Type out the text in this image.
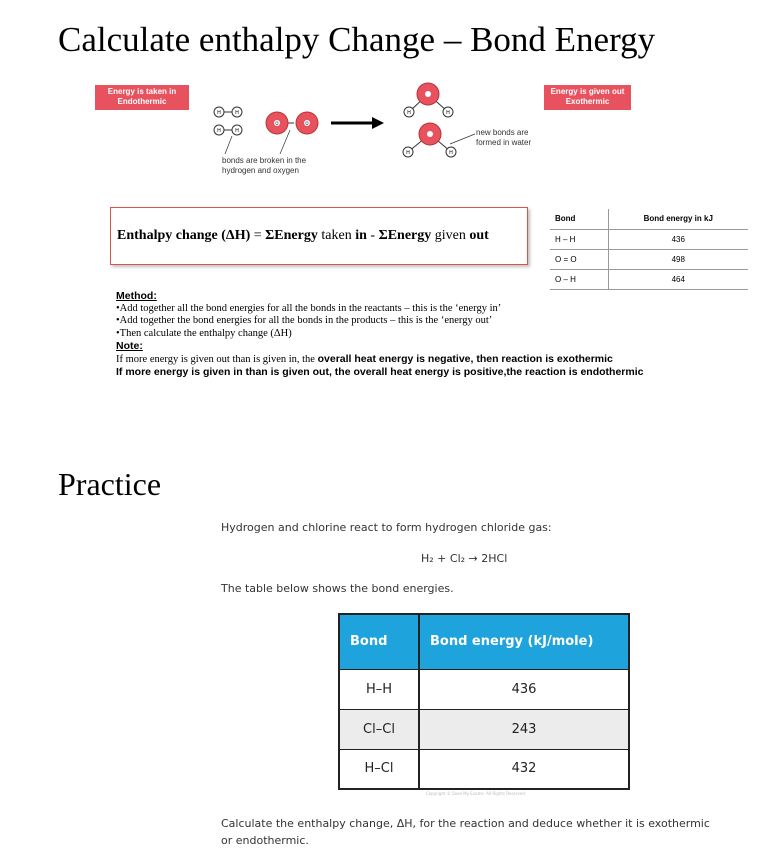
Calculate enthalpy Change – Bond Energy
Energy is taken in
Endothermic
Energy is given out
Exothermic
H	H
H	H
O	O
H	H
H	H
bonds are broken in the
hydrogen and oxygen
new bonds are
formed in water
Enthalpy change (ΔH) = ΣEnergy taken in - ΣEnergy given out
Bond	Bond energy in kJ
H – H	436
O = O	498
O – H	464
Method:
•Add together all the bond energies for all the bonds in the reactants – this is the ‘energy in’
•Add together the bond energies for all the bonds in the products – this is the ‘energy out’
•Then calculate the enthalpy change (ΔH)
Note:
If more energy is given out than is given in, the overall heat energy is negative, then reaction is exothermic
If more energy is given in than is given out, the overall heat energy is positive,the reaction is endothermic
Practice
Hydrogen and chlorine react to form hydrogen chloride gas:
H₂ + Cl₂ → 2HCl
The table below shows the bond energies.
Bond	Bond energy (kJ/mole)
H–H	436
Cl–Cl	243
H–Cl	432
Copyright © Save My Exams. All Rights Reserved
Calculate the enthalpy change, ΔH, for the reaction and deduce whether it is exothermic or endothermic.
